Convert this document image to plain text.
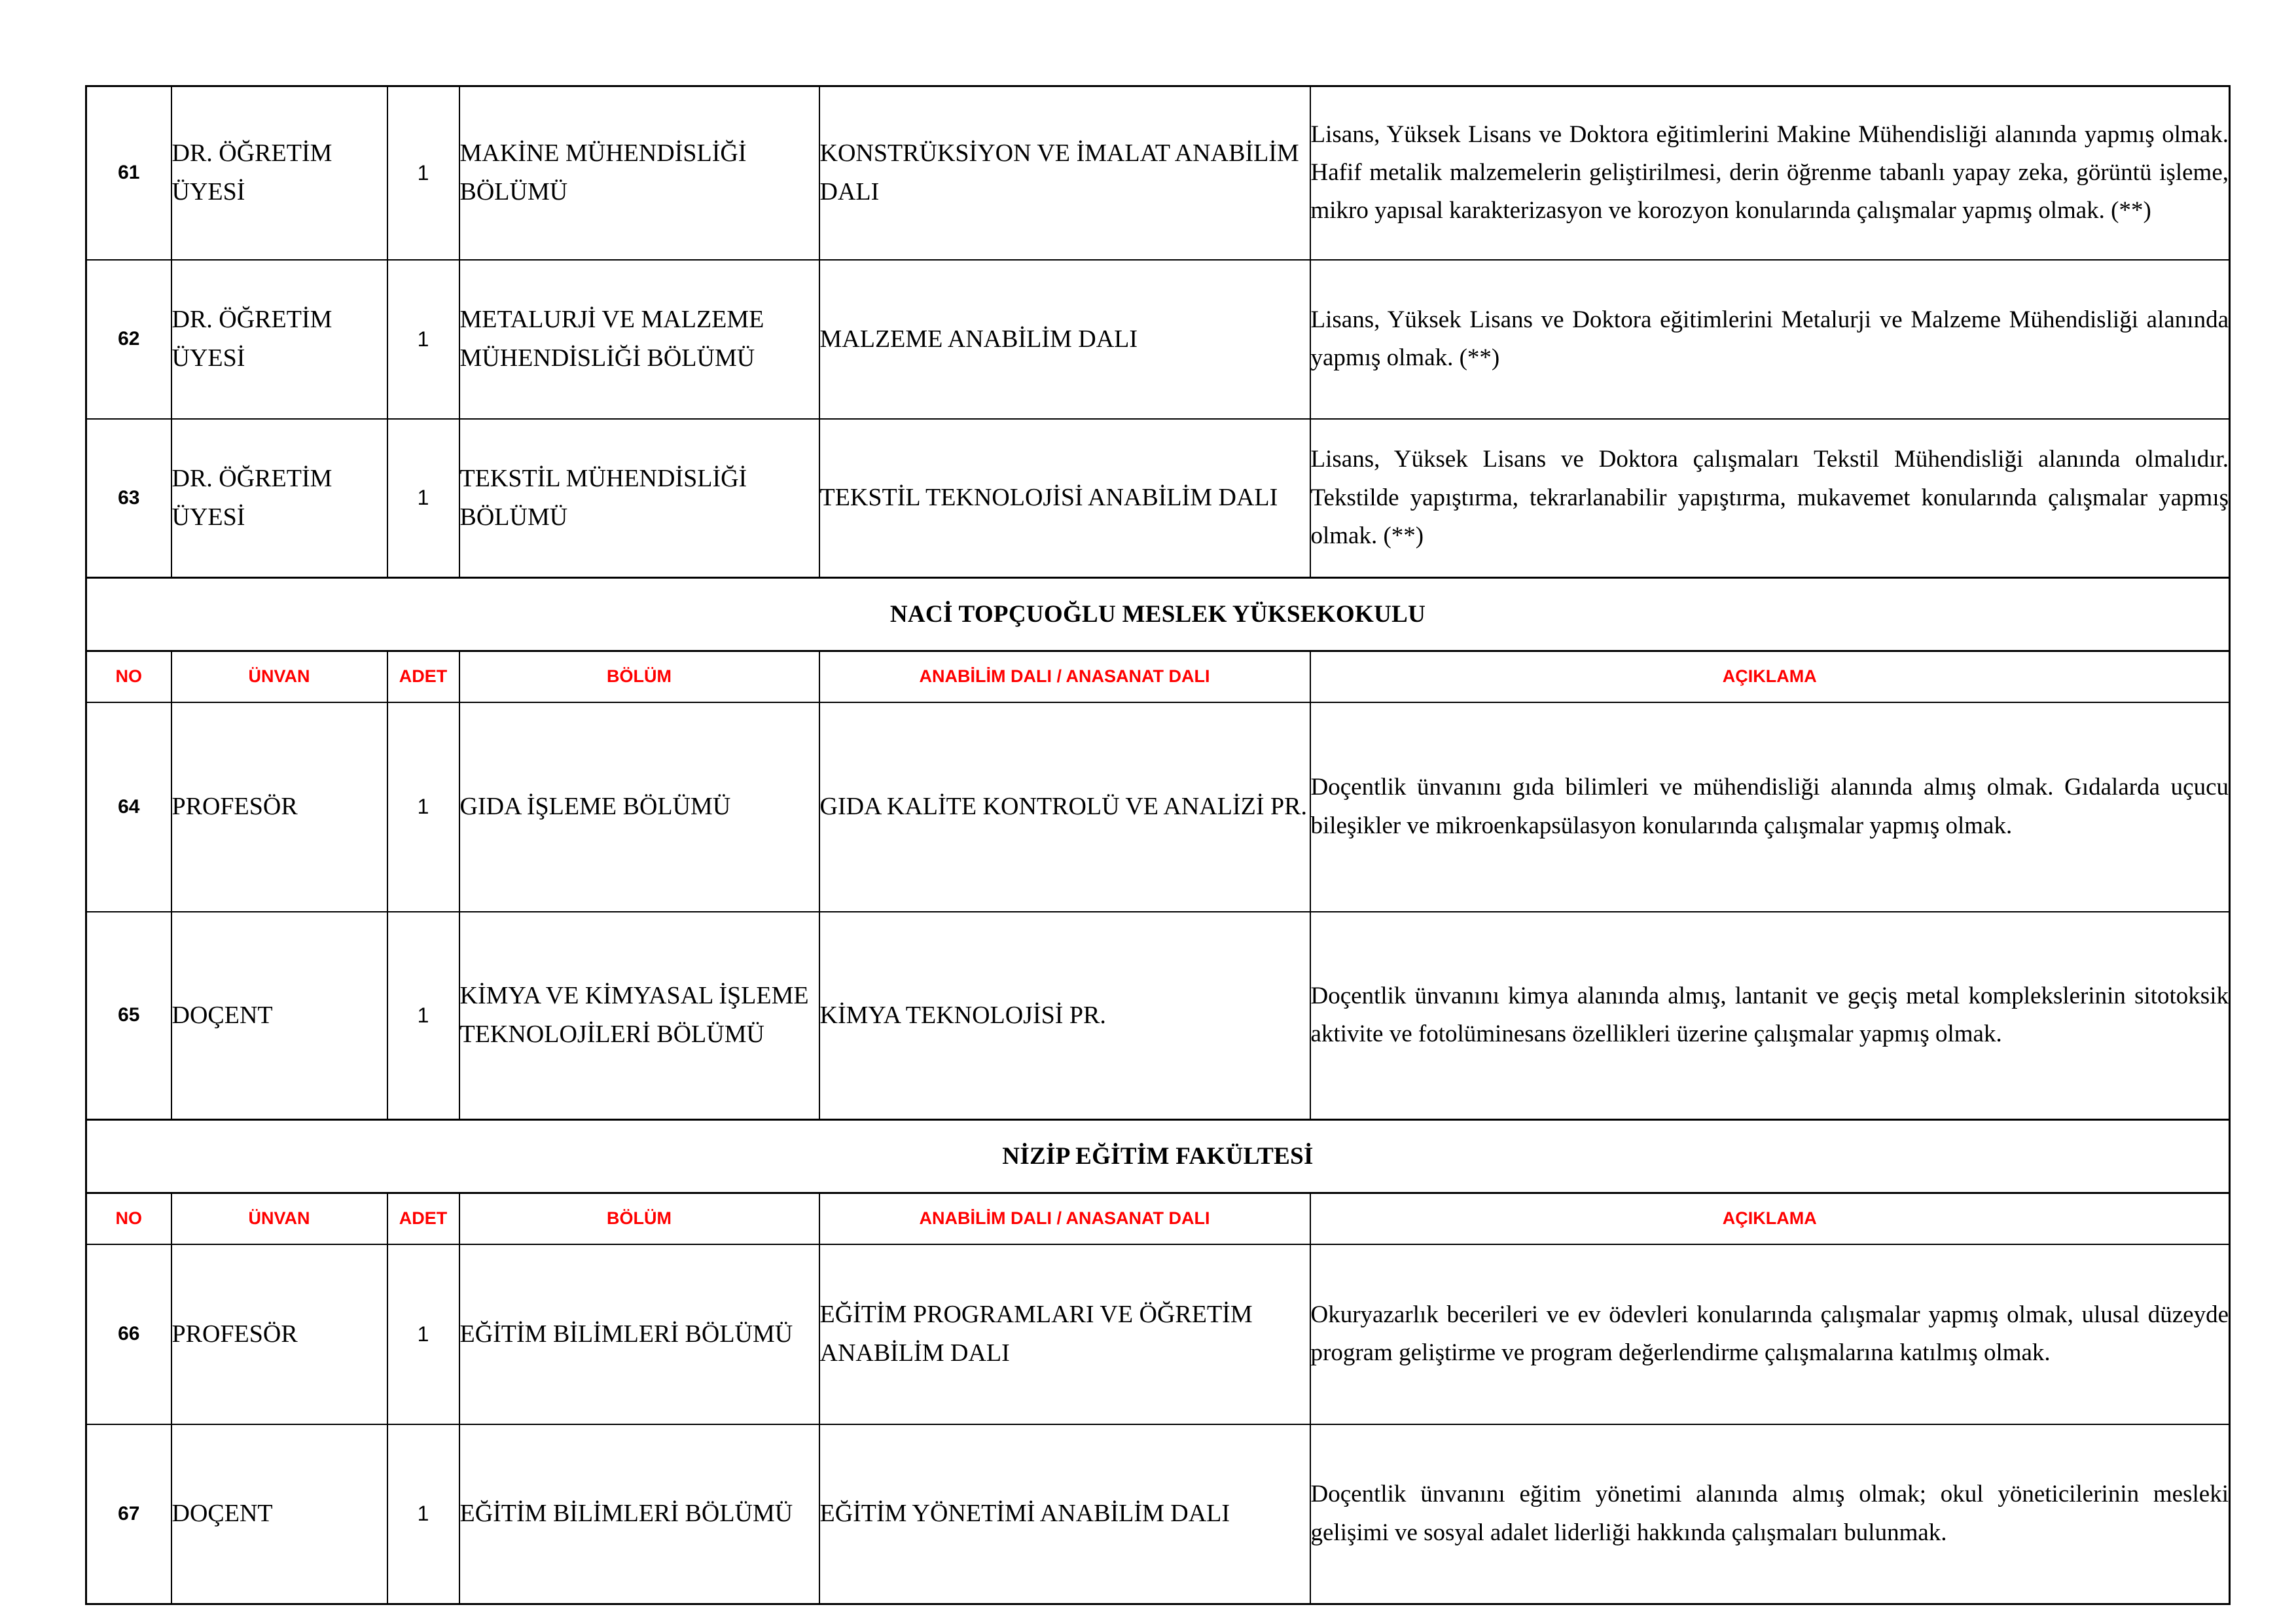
61	DR. ÖĞRETİM ÜYESİ	1	MAKİNE MÜHENDİSLİĞİ BÖLÜMÜ	KONSTRÜKSİYON VE İMALAT ANABİLİM DALI	Lisans, Yüksek Lisans ve Doktora eğitimlerini Makine Mühendisliği alanında yapmış olmak. Hafif metalik malzemelerin geliştirilmesi, derin öğrenme tabanlı yapay zeka, görüntü işleme, mikro yapısal karakterizasyon ve korozyon konularında çalışmalar yapmış olmak. (**)
62	DR. ÖĞRETİM ÜYESİ	1	METALURJİ VE MALZEME MÜHENDİSLİĞİ BÖLÜMÜ	MALZEME ANABİLİM DALI	Lisans, Yüksek Lisans ve Doktora eğitimlerini Metalurji ve Malzeme Mühendisliği alanında yapmış olmak. (**)
63	DR. ÖĞRETİM ÜYESİ	1	TEKSTİL MÜHENDİSLİĞİ BÖLÜMÜ	TEKSTİL TEKNOLOJİSİ ANABİLİM DALI	Lisans, Yüksek Lisans ve Doktora çalışmaları Tekstil Mühendisliği alanında olmalıdır. Tekstilde yapıştırma, tekrarlanabilir yapıştırma, mukavemet konularında çalışmalar yapmış olmak. (**)
NACİ TOPÇUOĞLU MESLEK YÜKSEKOKULU					
NO	ÜNVAN	ADET	BÖLÜM	ANABİLİM DALI / ANASANAT DALI	AÇIKLAMA
64	PROFESÖR	1	GIDA İŞLEME BÖLÜMÜ	GIDA KALİTE KONTROLÜ VE ANALİZİ PR.	Doçentlik ünvanını gıda bilimleri ve mühendisliği alanında almış olmak. Gıdalarda uçucu bileşikler ve mikroenkapsülasyon konularında çalışmalar yapmış olmak.
65	DOÇENT	1	KİMYA VE KİMYASAL İŞLEME TEKNOLOJİLERİ BÖLÜMÜ	KİMYA TEKNOLOJİSİ PR.	Doçentlik ünvanını kimya alanında almış, lantanit ve geçiş metal komplekslerinin sitotoksik aktivite ve fotolüminesans özellikleri üzerine çalışmalar yapmış olmak.
NİZİP EĞİTİM FAKÜLTESİ					
NO	ÜNVAN	ADET	BÖLÜM	ANABİLİM DALI / ANASANAT DALI	AÇIKLAMA
66	PROFESÖR	1	EĞİTİM BİLİMLERİ BÖLÜMÜ	EĞİTİM PROGRAMLARI VE ÖĞRETİM ANABİLİM DALI	Okuryazarlık becerileri ve ev ödevleri konularında çalışmalar yapmış olmak, ulusal düzeyde program geliştirme ve program değerlendirme çalışmalarına katılmış olmak.
67	DOÇENT	1	EĞİTİM BİLİMLERİ BÖLÜMÜ	EĞİTİM YÖNETİMİ ANABİLİM DALI	Doçentlik ünvanını eğitim yönetimi alanında almış olmak; okul yöneticilerinin mesleki gelişimi ve sosyal adalet liderliği hakkında çalışmaları bulunmak.
